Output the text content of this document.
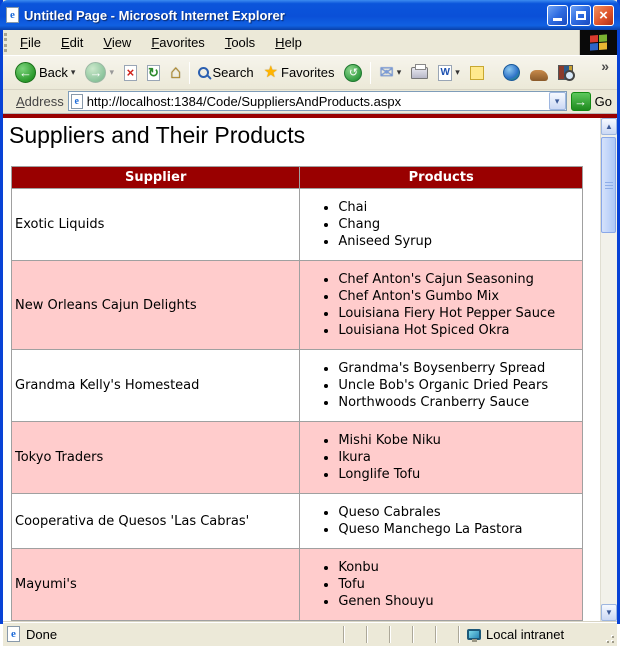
e Untitled Page - Microsoft Internet Explorer	×
File	Edit	View	Favorites	Tools	Help
← Back ▾	→ ▾ × ↻ ⌂ Search ★ Favorites	↺ ✉ ▾	W ▾	»
Address	e http://localhost:1384/Code/SuppliersAndProducts.aspx	▾	→ Go
Suppliers and Their Products
Supplier	Products
Exotic Liquids	
• Chai
• Chang
• Aniseed Syrup

New Orleans Cajun Delights	
• Chef Anton's Cajun Seasoning
• Chef Anton's Gumbo Mix
• Louisiana Fiery Hot Pepper Sauce
• Louisiana Hot Spiced Okra

Grandma Kelly's Homestead	
• Grandma's Boysenberry Spread
• Uncle Bob's Organic Dried Pears
• Northwoods Cranberry Sauce

Tokyo Traders	
• Mishi Kobe Niku
• Ikura
• Longlife Tofu

Cooperativa de Quesos 'Las Cabras'	
• Queso Cabrales
• Queso Manchego La Pastora

Mayumi's	
• Konbu
• Tofu
• Genen Shouyu
▲
▼
e Done	Local intranet
